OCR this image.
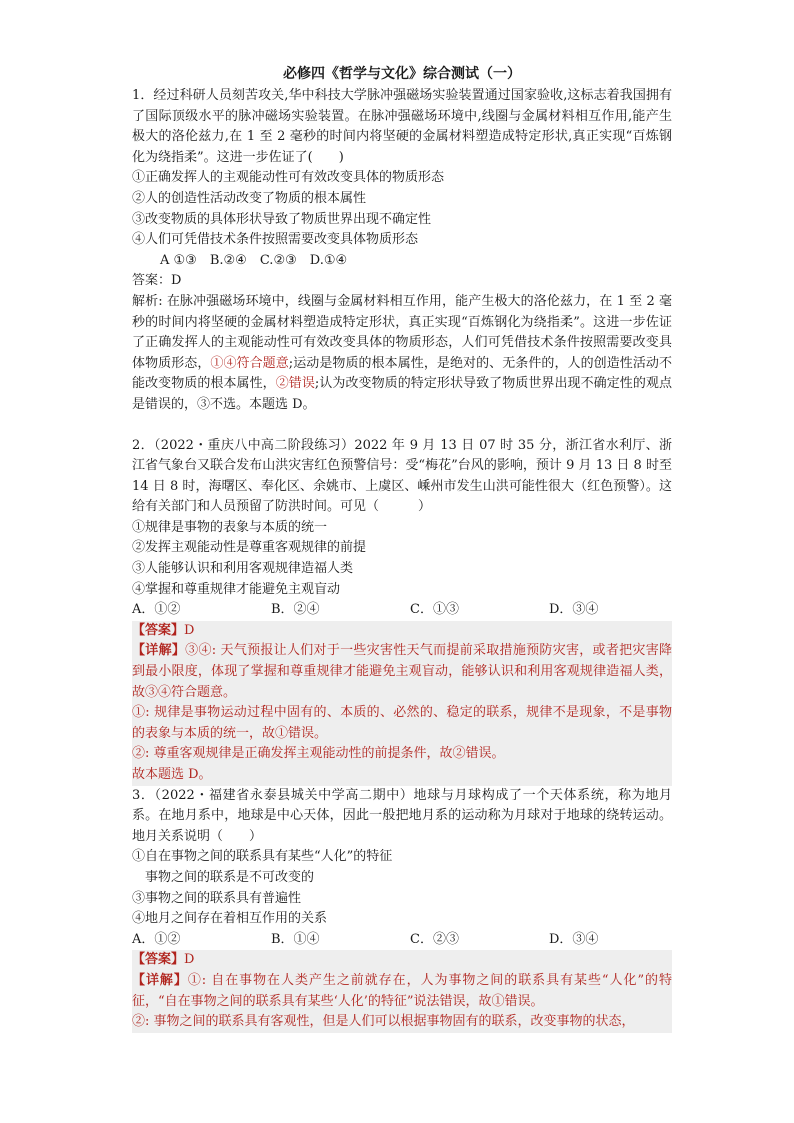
必修四《哲学与文化》综合测试（一）
1．经过科研人员刻苦攻关,华中科技大学脉冲强磁场实验装置通过国家验收,这标志着我国拥有了国际顶级水平的脉冲磁场实验装置。在脉冲强磁场环境中,线圈与金属材料相互作用,能产生极大的洛伦兹力,在 1 至 2 毫秒的时间内将坚硬的金属材料塑造成特定形状,真正实现“百炼钢化为绕指柔”。这进一步佐证了(　　)
①正确发挥人的主观能动性可有效改变具体的物质形态
②人的创造性活动改变了物质的根本属性
③改变物质的具体形状导致了物质世界出现不确定性
④人们可凭借技术条件按照需要改变具体物质形态
A ①③　B.②④　C.②③　D.①④
答案：D
解析: 在脉冲强磁场环境中，线圈与金属材料相互作用，能产生极大的洛伦兹力，在 1 至 2 毫秒的时间内将坚硬的金属材料塑造成特定形状，真正实现“百炼钢化为绕指柔”。这进一步佐证了正确发挥人的主观能动性可有效改变具体的物质形态，人们可凭借技术条件按照需要改变具体物质形态，①④符合题意;运动是物质的根本属性，是绝对的、无条件的，人的创造性活动不能改变物质的根本属性，②错误;认为改变物质的特定形状导致了物质世界出现不确定性的观点是错误的，③不选。本题选 D。
2．（2022・重庆八中高二阶段练习）2022 年 9 月 13 日 07 时 35 分，浙江省水利厅、浙江省气象台又联合发布山洪灾害红色预警信号：受“梅花”台风的影响，预计 9 月 13 日 8 时至 14 日 8 时，海曙区、奉化区、余姚市、上虞区、嵊州市发生山洪可能性很大（红色预警）。这给有关部门和人员预留了防洪时间。可见（　　　）
①规律是事物的表象与本质的统一
②发挥主观能动性是尊重客观规律的前提
③人能够认识和利用客观规律造福人类
④掌握和尊重规律才能避免主观盲动
A．①②	B．②④	C．①③	D．③④
【答案】D
【详解】③④: 天气预报让人们对于一些灾害性天气而提前采取措施预防灾害，或者把灾害降到最小限度，体现了掌握和尊重规律才能避免主观盲动，能够认识和利用客观规律造福人类，故③④符合题意。
①: 规律是事物运动过程中固有的、本质的、必然的、稳定的联系，规律不是现象，不是事物的表象与本质的统一，故①错误。
②: 尊重客观规律是正确发挥主观能动性的前提条件，故②错误。
故本题选 D。
3．（2022・福建省永泰县城关中学高二期中）地球与月球构成了一个天体系统，称为地月系。在地月系中，地球是中心天体，因此一般把地月系的运动称为月球对于地球的绕转运动。地月关系说明（　　）
①自在事物之间的联系具有某些“人化”的特征
　事物之间的联系是不可改变的
③事物之间的联系具有普遍性
④地月之间存在着相互作用的关系
A．①②	B．①④	C．②③	D．③④
【答案】D
【详解】①: 自在事物在人类产生之前就存在，人为事物之间的联系具有某些“人化”的特征，“自在事物之间的联系具有某些‘人化’的特征”说法错误，故①错误。
②: 事物之间的联系具有客观性，但是人们可以根据事物固有的联系，改变事物的状态，
